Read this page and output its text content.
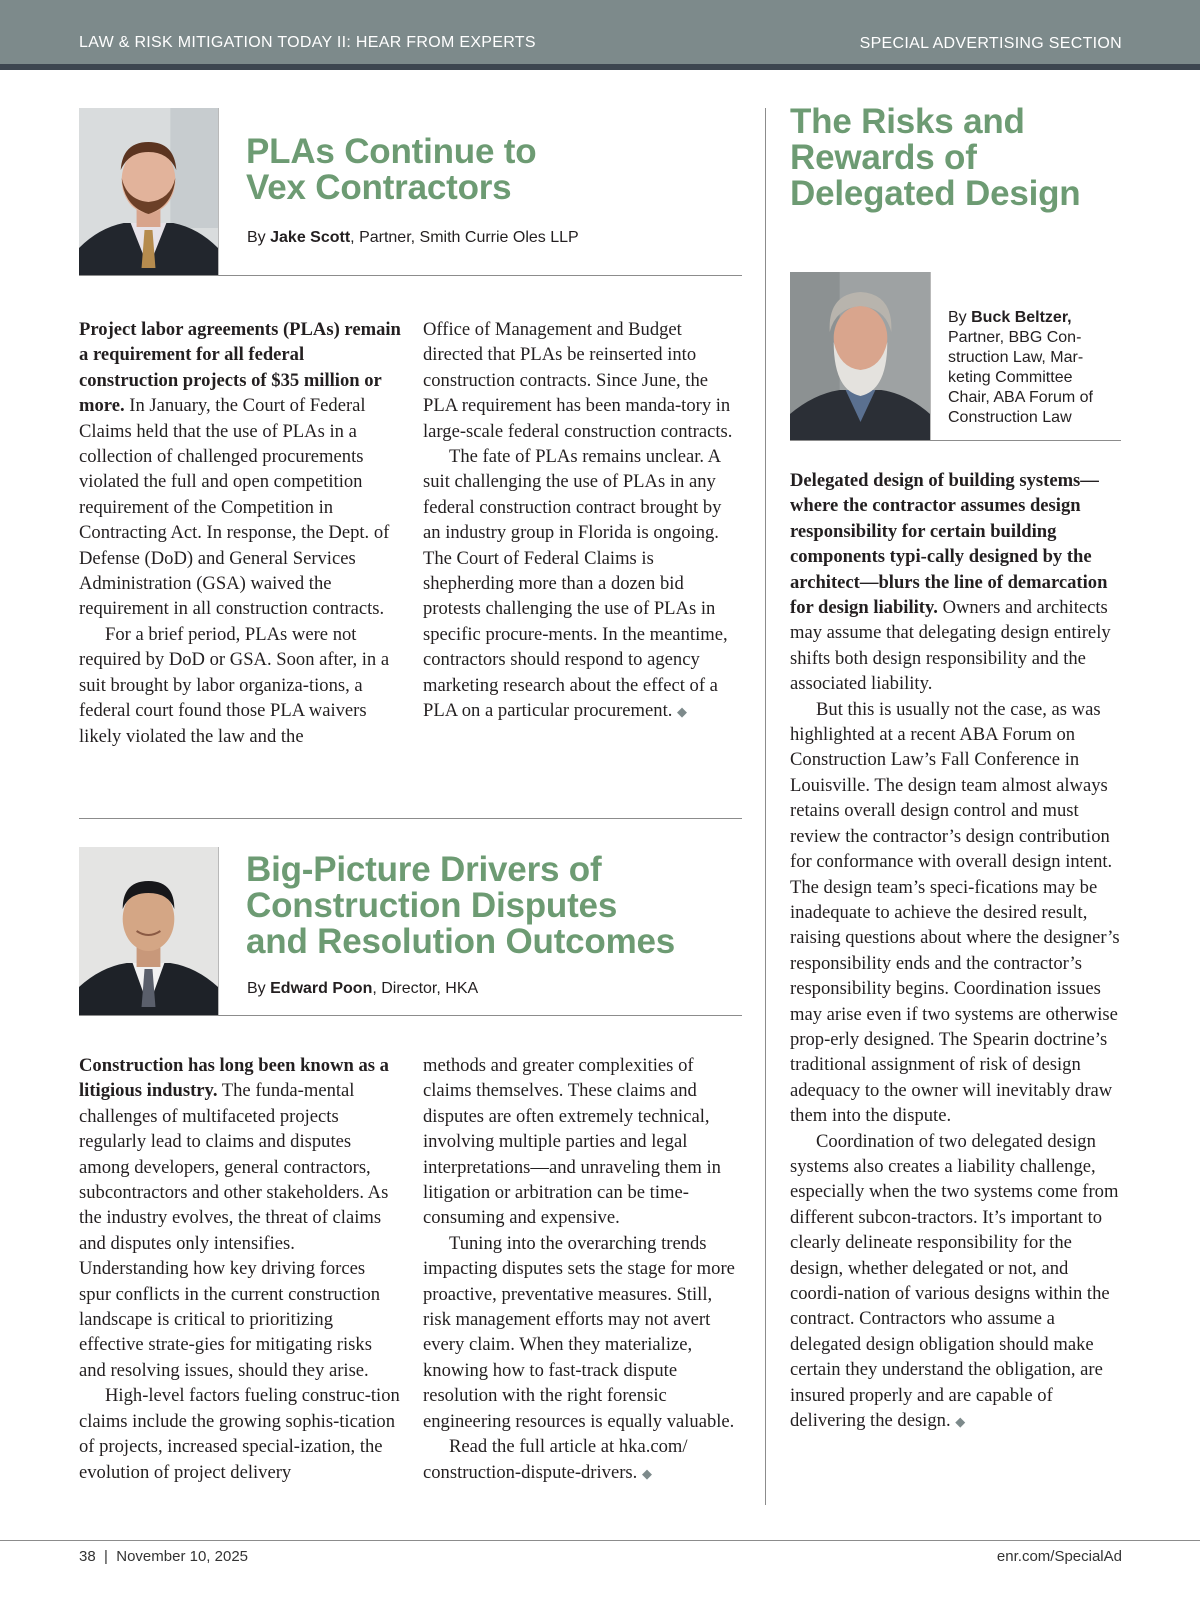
LAW & RISK MITIGATION TODAY II: HEAR FROM EXPERTS	SPECIAL ADVERTISING SECTION
PLAs Continue to
Vex Contractors
By Jake Scott, Partner, Smith Currie Oles LLP

Project labor agreements (PLAs) remain a requirement for all federal construction projects of $35 million or more. In January, the Court of Federal Claims held that the use of PLAs in a collection of challenged procurements violated the full and open competition requirement of the Competition in Contracting Act. In response, the Dept. of Defense (DoD) and General Services Administration (GSA) waived the requirement in all construction contracts.

For a brief period, PLAs were not required by DoD or GSA. Soon after, in a suit brought by labor organiza-tions, a federal court found those PLA waivers likely violated the law and the

Office of Management and Budget directed that PLAs be reinserted into construction contracts. Since June, the PLA requirement has been manda-tory in large-scale federal construction contracts.

The fate of PLAs remains unclear. A suit challenging the use of PLAs in any federal construction contract brought by an industry group in Florida is ongoing. The Court of Federal Claims is shepherding more than a dozen bid protests challenging the use of PLAs in specific procure-ments. In the meantime, contractors should respond to agency marketing research about the effect of a PLA on a particular procurement. ◆

Big-Picture Drivers of
Construction Disputes
and Resolution Outcomes
By Edward Poon, Director, HKA

Construction has long been known as a litigious industry. The funda-mental challenges of multifaceted projects regularly lead to claims and disputes among developers, general contractors, subcontractors and other stakeholders. As the industry evolves, the threat of claims and disputes only intensifies. Understanding how key driving forces spur conflicts in the current construction landscape is critical to prioritizing effective strate-gies for mitigating risks and resolving issues, should they arise.

High-level factors fueling construc-tion claims include the growing sophis-tication of projects, increased special-ization, the evolution of project delivery

methods and greater complexities of claims themselves. These claims and disputes are often extremely technical, involving multiple parties and legal interpretations—and unraveling them in litigation or arbitration can be time-consuming and expensive.

Tuning into the overarching trends impacting disputes sets the stage for more proactive, preventative measures. Still, risk management efforts may not avert every claim. When they materialize, knowing how to fast-track dispute resolution with the right forensic engineering resources is equally valuable.

Read the full article at hka.com/ construction-dispute-drivers. ◆

The Risks and
Rewards of
Delegated Design
By Buck Beltzer,
Partner, BBG Con-
struction Law, Mar-
keting Committee
Chair, ABA Forum of
Construction Law

Delegated design of building systems—where the contractor assumes design responsibility for certain building components typi-cally designed by the architect—blurs the line of demarcation for design liability. Owners and architects may assume that delegating design entirely shifts both design responsibility and the associated liability.

But this is usually not the case, as was highlighted at a recent ABA Forum on Construction Law’s Fall Conference in Louisville. The design team almost always retains overall design control and must review the contractor’s design contribution for conformance with overall design intent. The design team’s speci-fications may be inadequate to achieve the desired result, raising questions about where the designer’s responsibility ends and the contractor’s responsibility begins. Coordination issues may arise even if two systems are otherwise prop-erly designed. The Spearin doctrine’s traditional assignment of risk of design adequacy to the owner will inevitably draw them into the dispute.

Coordination of two delegated design systems also creates a liability challenge, especially when the two systems come from different subcon-tractors. It’s important to clearly delineate responsibility for the design, whether delegated or not, and coordi-nation of various designs within the contract. Contractors who assume a delegated design obligation should make certain they understand the obligation, are insured properly and are capable of delivering the design. ◆

38  |  November 10, 2025	enr.com/SpecialAd
